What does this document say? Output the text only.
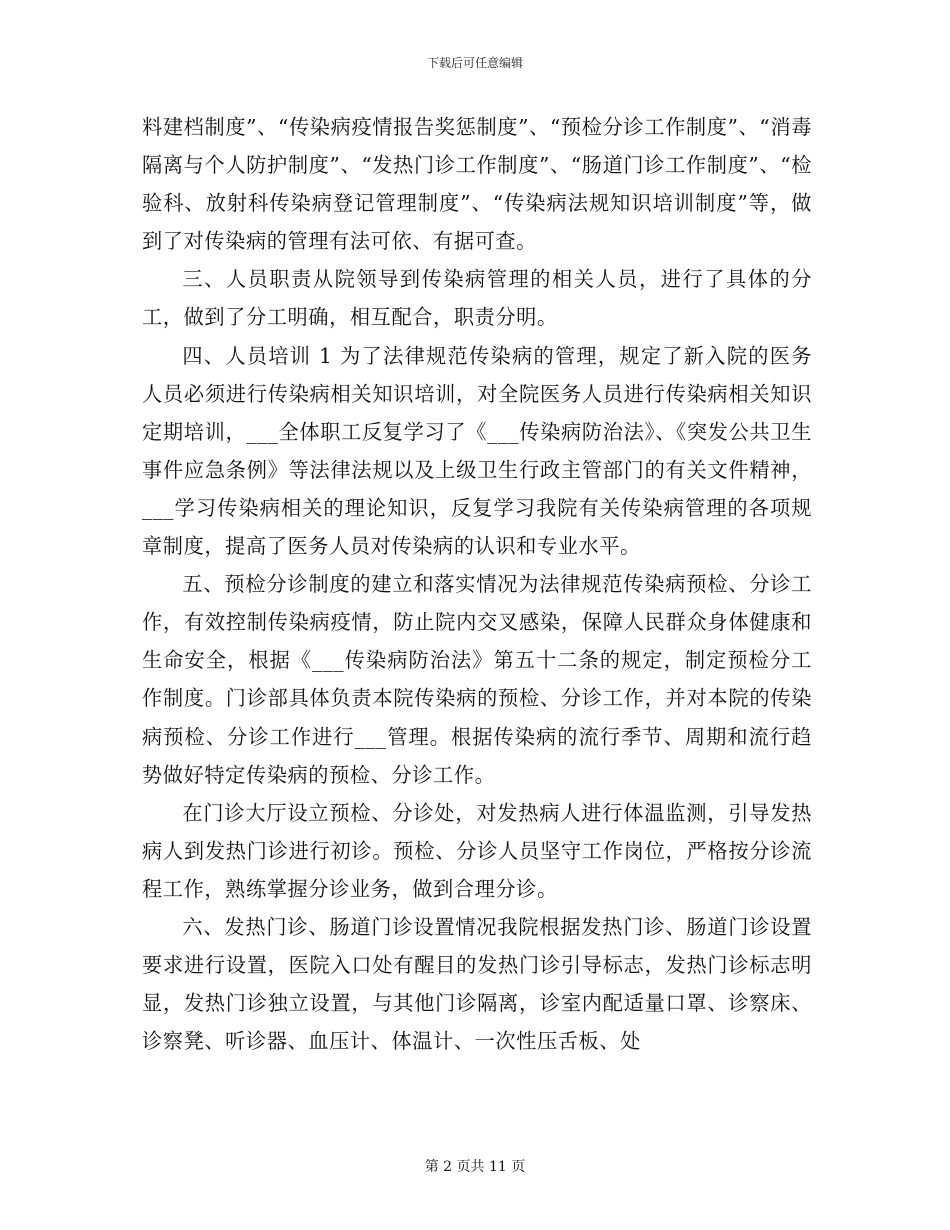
下载后可任意编辑

料建档制度”、“传染病疫情报告奖惩制度”、“预检分诊工作制度”、“消毒隔离与个人防护制度”、“发热门诊工作制度”、“肠道门诊工作制度”、“检验科、放射科传染病登记管理制度”、“传染病法规知识培训制度”等，做到了对传染病的管理有法可依、有据可查。

三、人员职责从院领导到传染病管理的相关人员，进行了具体的分工，做到了分工明确，相互配合，职责分明。

四、人员培训 1 为了法律规范传染病的管理，规定了新入院的医务人员必须进行传染病相关知识培训，对全院医务人员进行传染病相关知识定期培训，___全体职工反复学习了《___传染病防治法》、《突发公共卫生事件应急条例》等法律法规以及上级卫生行政主管部门的有关文件精神，___学习传染病相关的理论知识，反复学习我院有关传染病管理的各项规章制度，提高了医务人员对传染病的认识和专业水平。

五、预检分诊制度的建立和落实情况为法律规范传染病预检、分诊工作，有效控制传染病疫情，防止院内交叉感染，保障人民群众身体健康和生命安全，根据《___传染病防治法》第五十二条的规定，制定预检分工作制度。门诊部具体负责本院传染病的预检、分诊工作，并对本院的传染病预检、分诊工作进行___管理。根据传染病的流行季节、周期和流行趋势做好特定传染病的预检、分诊工作。

在门诊大厅设立预检、分诊处，对发热病人进行体温监测，引导发热病人到发热门诊进行初诊。预检、分诊人员坚守工作岗位，严格按分诊流程工作，熟练掌握分诊业务，做到合理分诊。

六、发热门诊、肠道门诊设置情况我院根据发热门诊、肠道门诊设置要求进行设置，医院入口处有醒目的发热门诊引导标志，发热门诊标志明显，发热门诊独立设置，与其他门诊隔离，诊室内配适量口罩、诊察床、诊察凳、听诊器、血压计、体温计、一次性压舌板、处

第 2 页共 11 页
